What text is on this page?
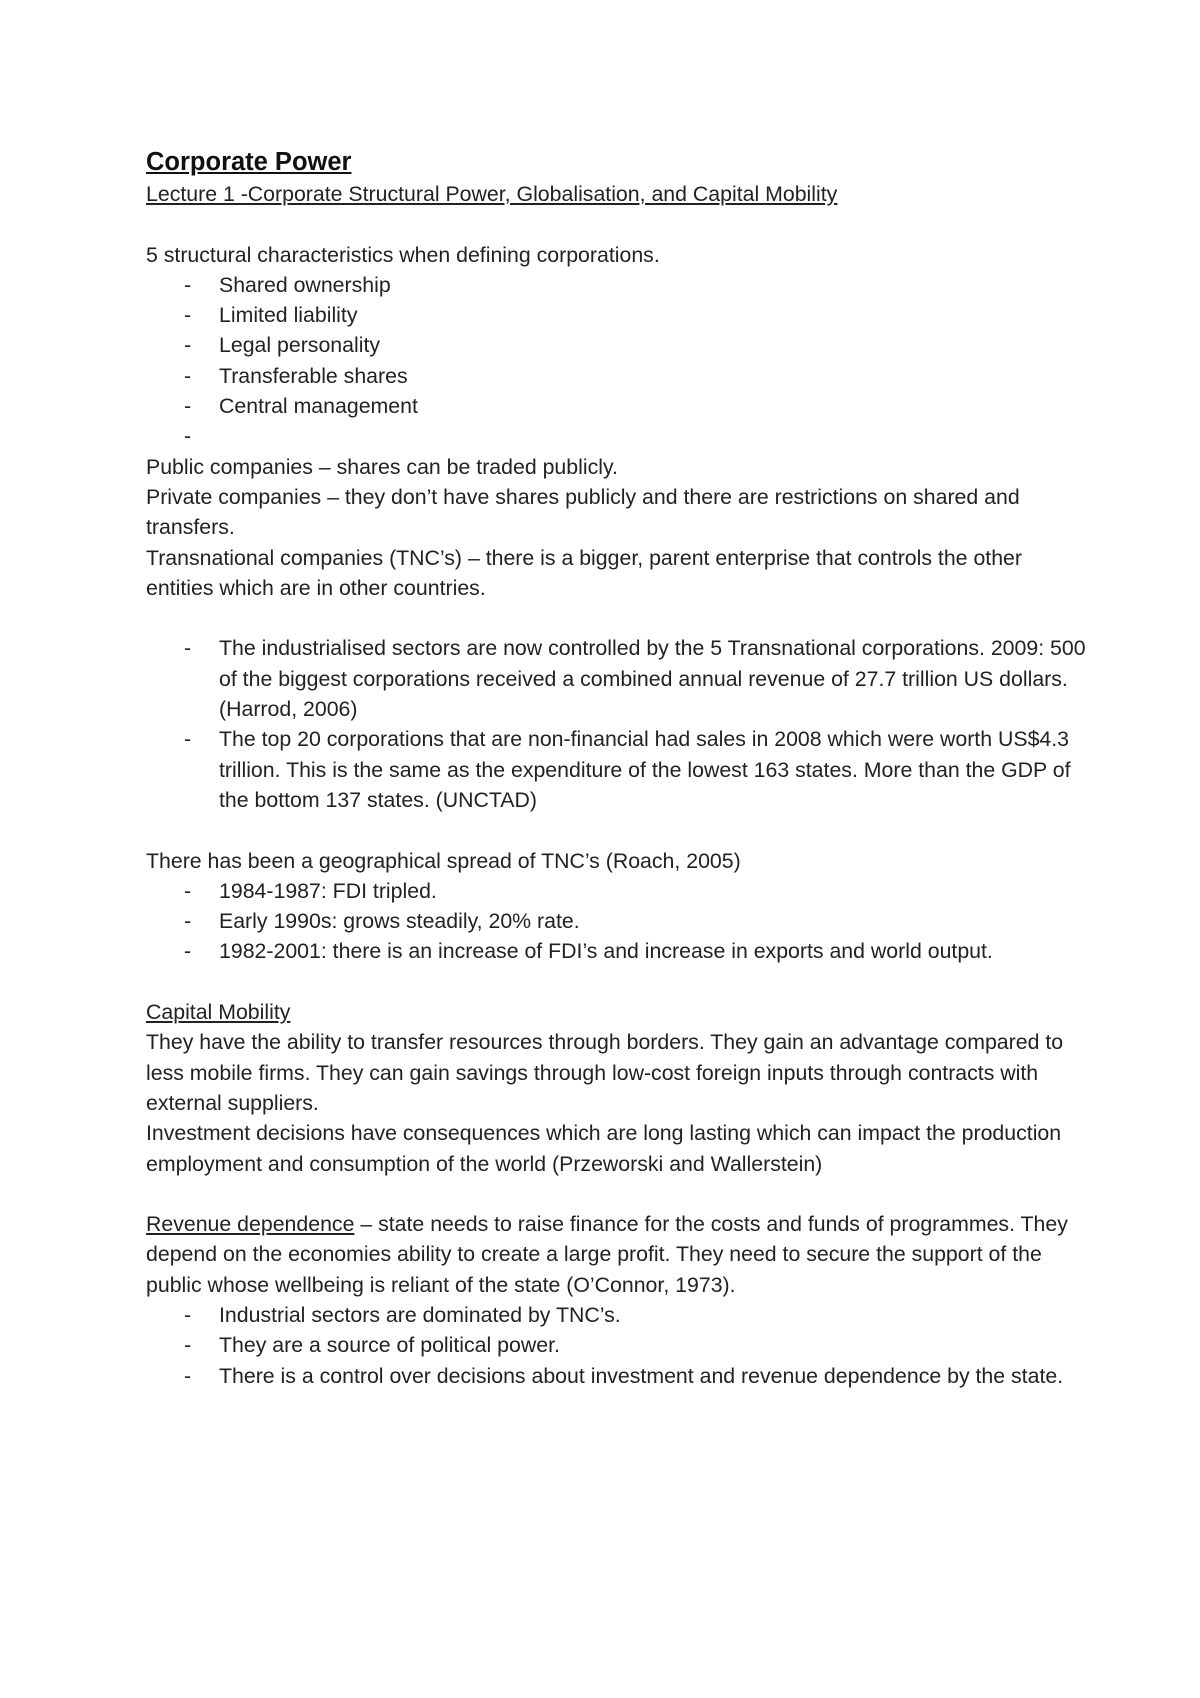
Corporate Power

Lecture 1 -Corporate Structural Power, Globalisation, and Capital Mobility

5 structural characteristics when defining corporations.

- Shared ownership
- Limited liability
- Legal personality
- Transferable shares
- Central management
-

Public companies – shares can be traded publicly.

Private companies – they don’t have shares publicly and there are restrictions on shared and transfers.

Transnational companies (TNC’s) – there is a bigger, parent enterprise that controls the other entities which are in other countries.

- The industrialised sectors are now controlled by the 5 Transnational corporations. 2009: 500 of the biggest corporations received a combined annual revenue of 27.7 trillion US dollars. (Harrod, 2006)
- The top 20 corporations that are non-financial had sales in 2008 which were worth US$4.3 trillion. This is the same as the expenditure of the lowest 163 states. More than the GDP of the bottom 137 states. (UNCTAD)

There has been a geographical spread of TNC’s (Roach, 2005)

- 1984-1987: FDI tripled.
- Early 1990s: grows steadily, 20% rate.
- 1982-2001: there is an increase of FDI’s and increase in exports and world output.

Capital Mobility

They have the ability to transfer resources through borders. They gain an advantage compared to less mobile firms. They can gain savings through low-cost foreign inputs through contracts with external suppliers.

Investment decisions have consequences which are long lasting which can impact the production employment and consumption of the world (Przeworski and Wallerstein)

Revenue dependence – state needs to raise finance for the costs and funds of programmes. They depend on the economies ability to create a large profit. They need to secure the support of the public whose wellbeing is reliant of the state (O’Connor, 1973).

- Industrial sectors are dominated by TNC’s.
- They are a source of political power.
- There is a control over decisions about investment and revenue dependence by the state.
